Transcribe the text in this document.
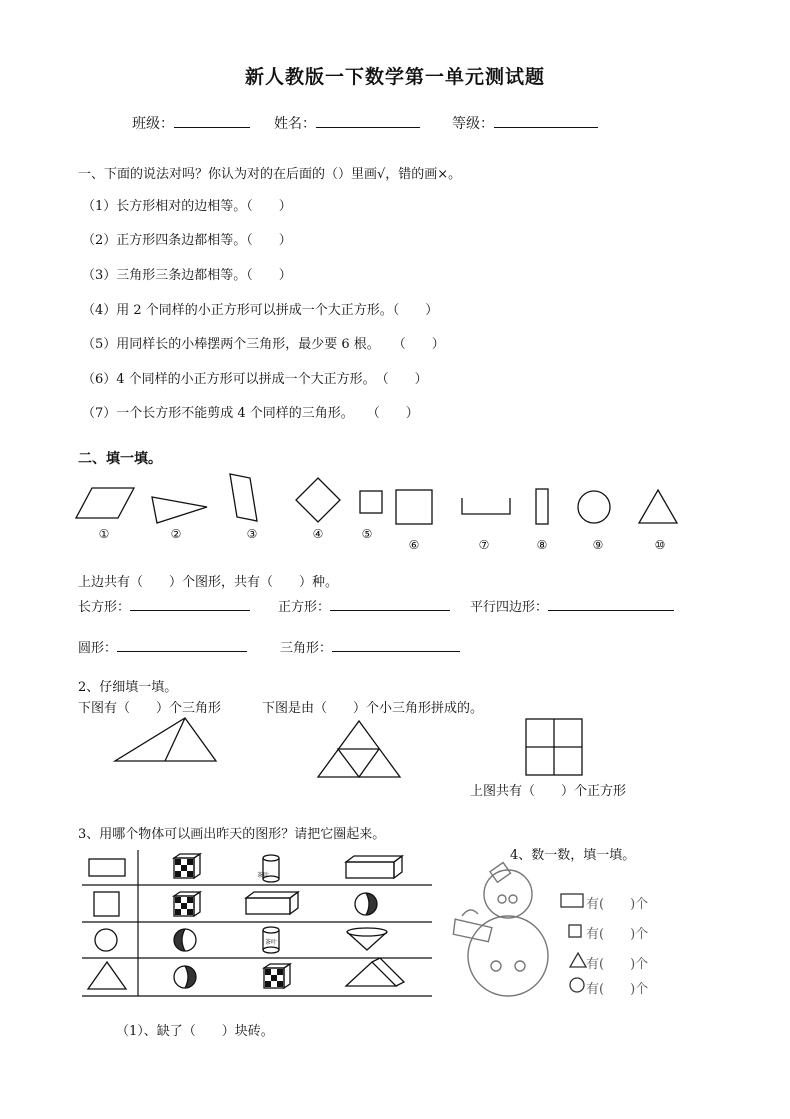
新人教版一下数学第一单元测试题
班级：	姓名：	等级：
一、下面的说法对吗？你认为对的在后面的（）里画√，错的画×。
（1）长方形相对的边相等。（　　）
（2）正方形四条边都相等。（　　）
（3）三角形三条边都相等。（　　）
（4）用 2 个同样的小正方形可以拼成一个大正方形。（　　）
（5）用同样长的小棒摆两个三角形，最少要 6 根。　　（　　）
（6）4 个同样的小正方形可以拼成一个大正方形。　（　　）
（7）一个长方形不能剪成 4 个同样的三角形。　　（　　）
二、填一填。
①	②	③	④	⑤
⑥	⑦	⑧	⑨	⑩
茶叶
茶叶
上边共有（　　）个图形，共有（　　）种。
长方形：	正方形：	平行四边形：
圆形：	三角形：
2、仔细填一填。
下图有（　　）个三角形	下图是由（　　）个小三角形拼成的。
上图共有（　　）个正方形
3、用哪个物体可以画出昨天的图形？请把它圈起来。
（1）、缺了（　　）块砖。
4、数一数，填一填。
有(　　)个
有(　　)个
有(　　)个
有(　　)个
